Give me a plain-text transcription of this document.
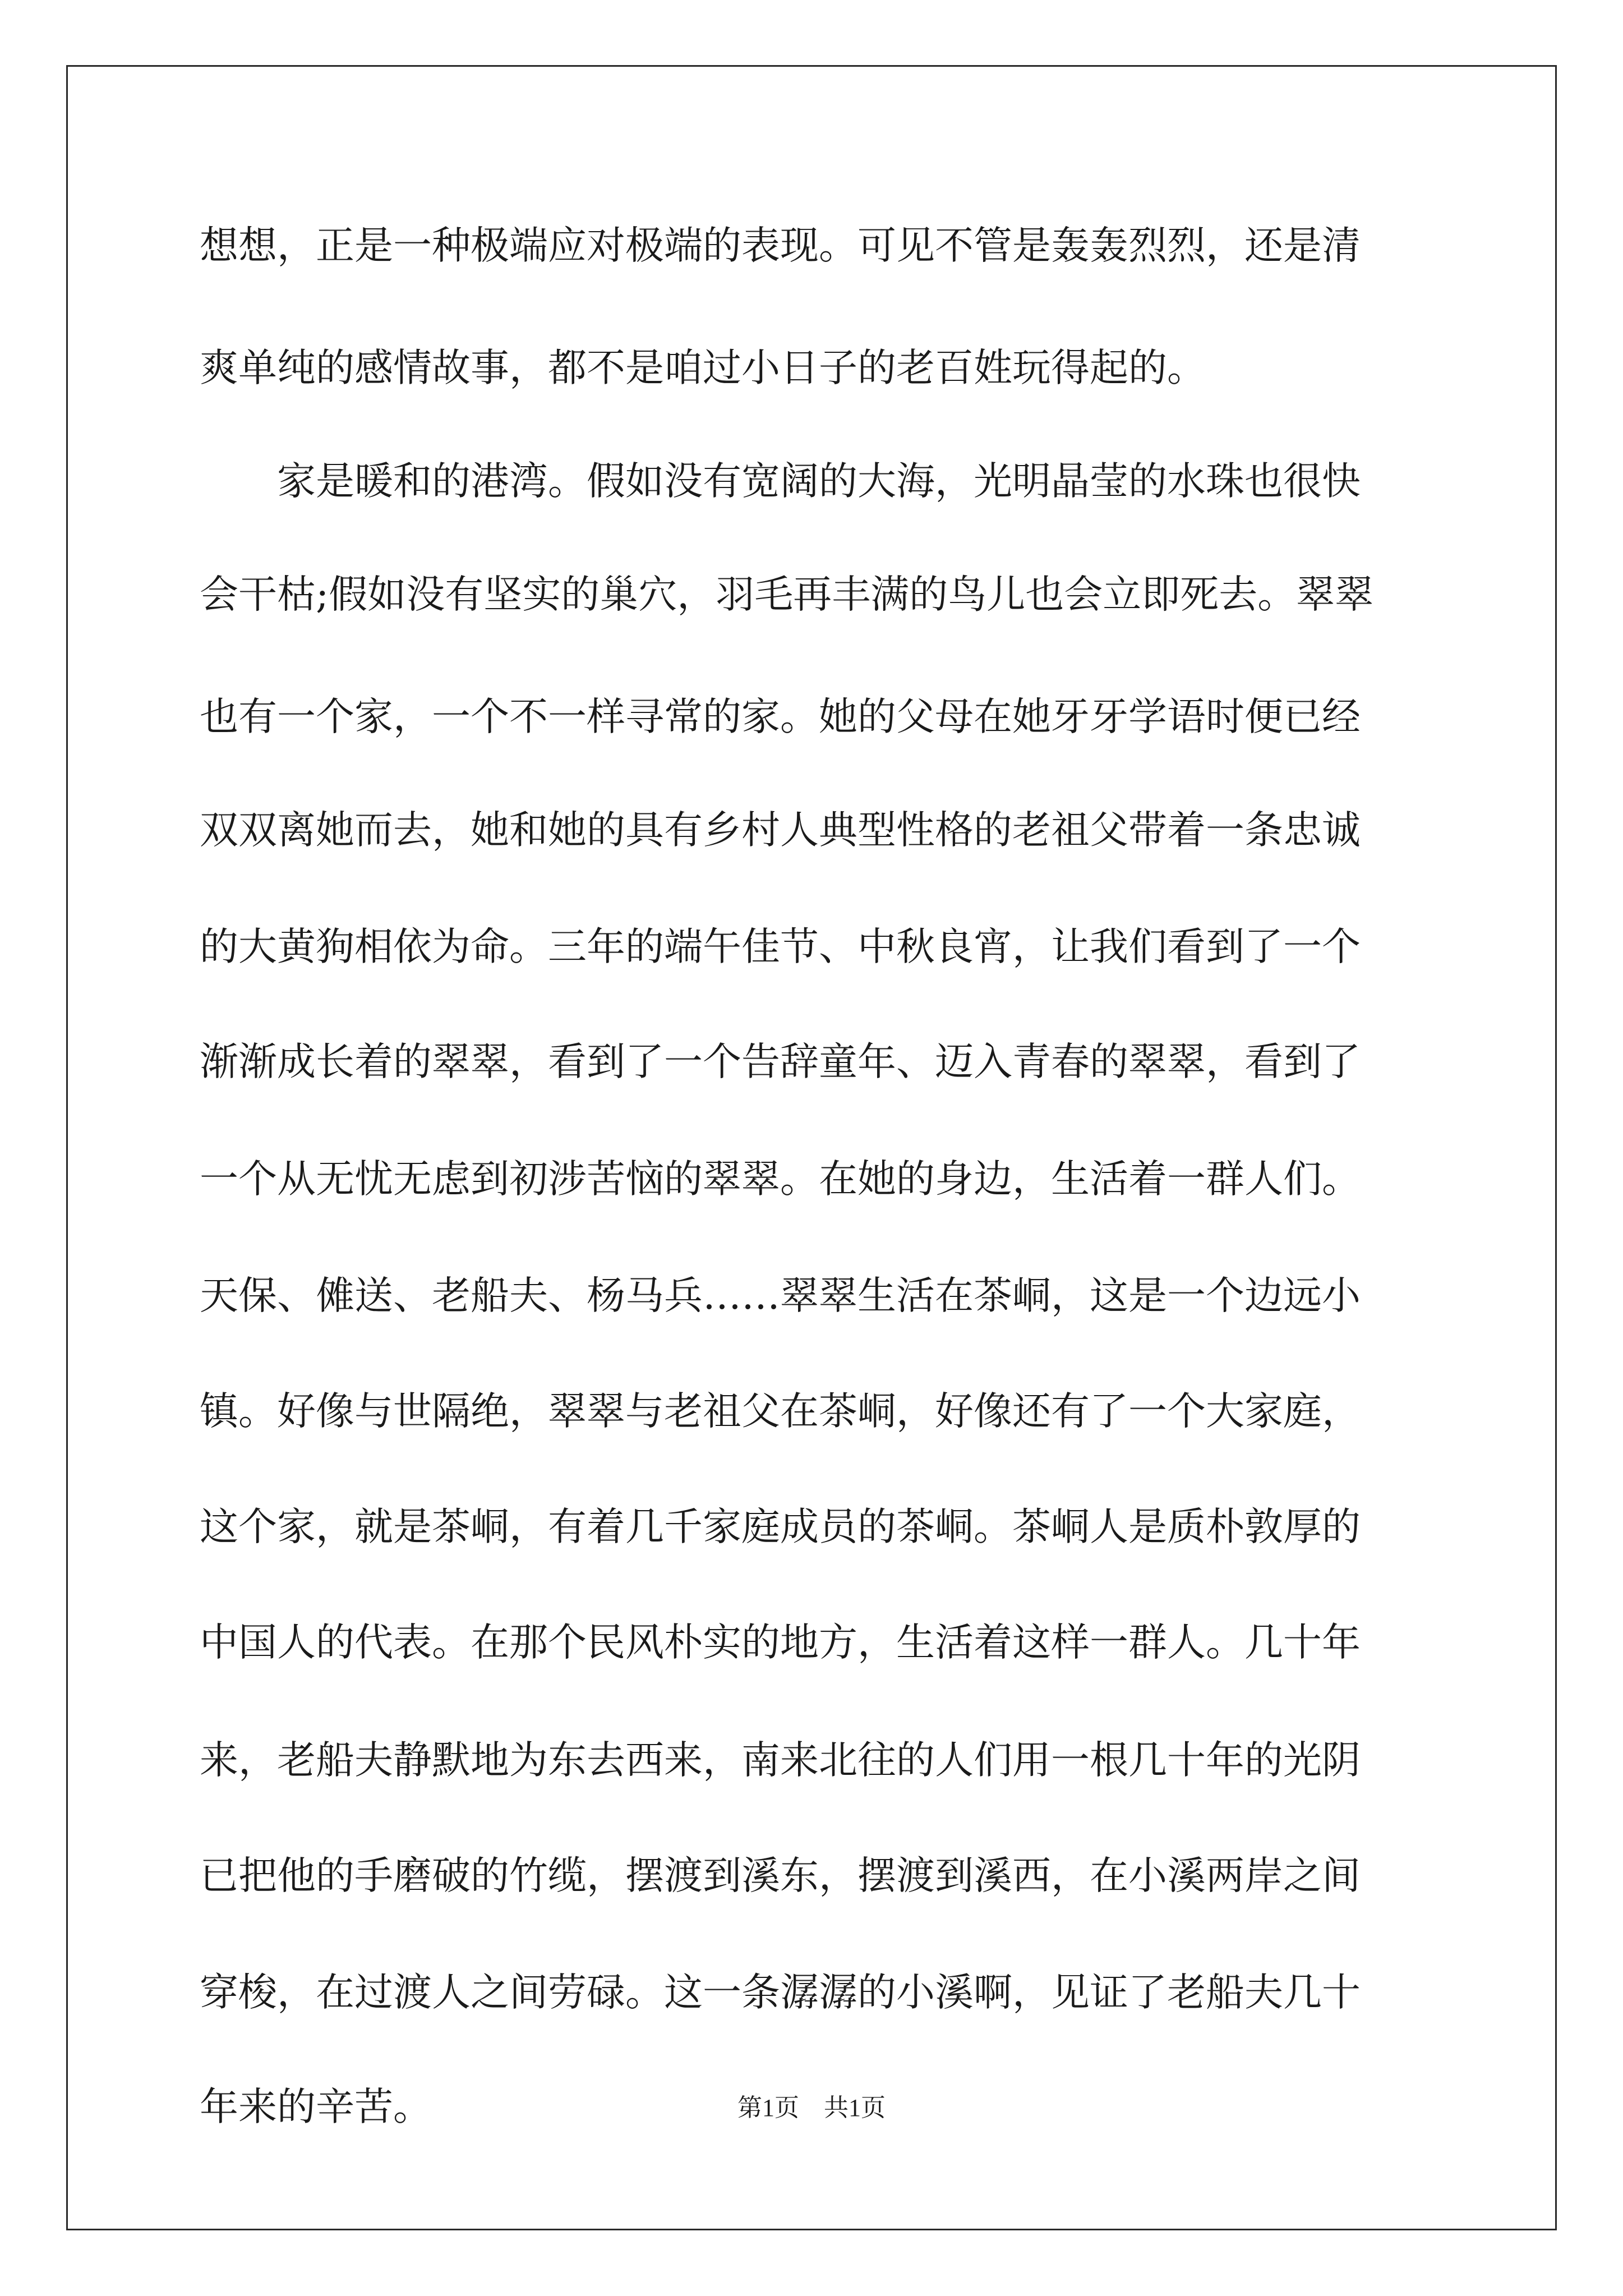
想想，正是一种极端应对极端的表现。可见不管是轰轰烈烈，还是清
爽单纯的感情故事，都不是咱过小日子的老百姓玩得起的。
　　家是暖和的港湾。假如没有宽阔的大海，光明晶莹的水珠也很快
会干枯;假如没有坚实的巢穴，羽毛再丰满的鸟儿也会立即死去。翠翠
也有一个家，一个不一样寻常的家。她的父母在她牙牙学语时便已经
双双离她而去，她和她的具有乡村人典型性格的老祖父带着一条忠诚
的大黄狗相依为命。三年的端午佳节、中秋良宵，让我们看到了一个
渐渐成长着的翠翠，看到了一个告辞童年、迈入青春的翠翠，看到了
一个从无忧无虑到初涉苦恼的翠翠。在她的身边，生活着一群人们。
天保、傩送、老船夫、杨马兵……翠翠生活在茶峒，这是一个边远小
镇。好像与世隔绝，翠翠与老祖父在茶峒，好像还有了一个大家庭，
这个家，就是茶峒，有着几千家庭成员的茶峒。茶峒人是质朴敦厚的
中国人的代表。在那个民风朴实的地方，生活着这样一群人。几十年
来，老船夫静默地为东去西来，南来北往的人们用一根几十年的光阴
已把他的手磨破的竹缆，摆渡到溪东，摆渡到溪西，在小溪两岸之间
穿梭，在过渡人之间劳碌。这一条潺潺的小溪啊，见证了老船夫几十
年来的辛苦。	第1页　共1页
